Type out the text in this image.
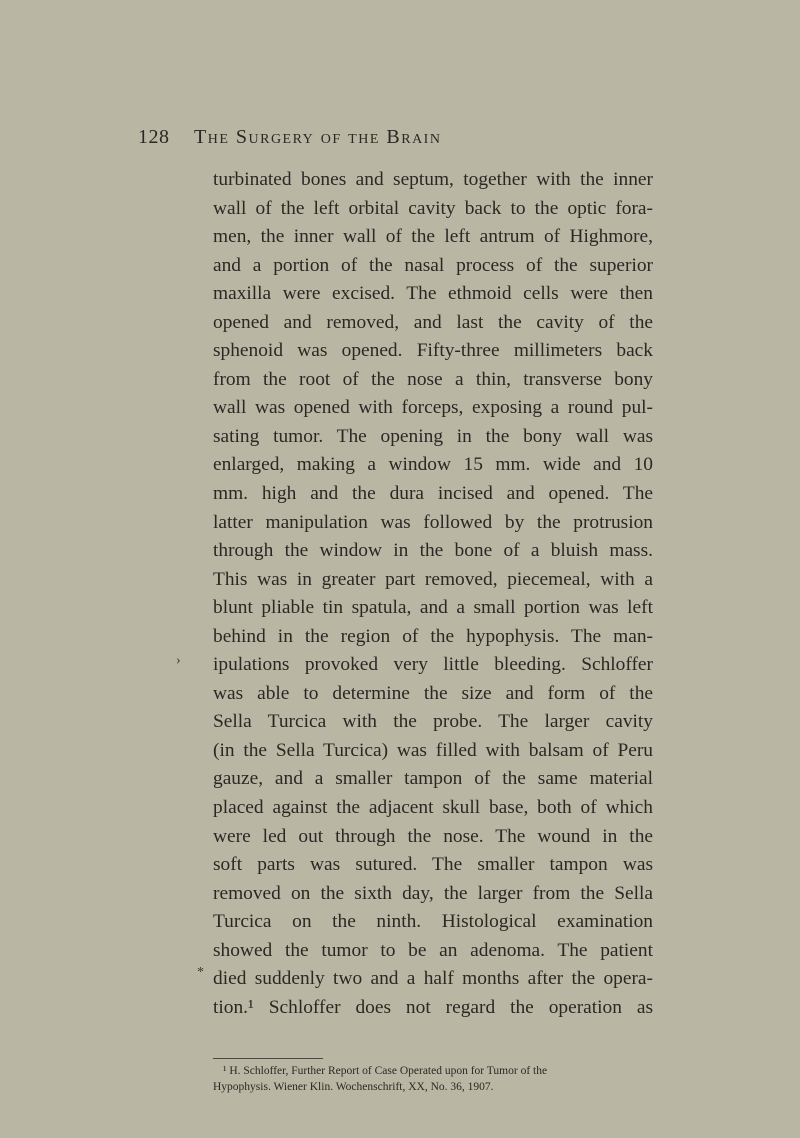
128 The Surgery of the Brain
turbinated bones and septum, together with the inner
wall of the left orbital cavity back to the optic fora-
men, the inner wall of the left antrum of Highmore,
and a portion of the nasal process of the superior
maxilla were excised. The ethmoid cells were then
opened and removed, and last the cavity of the
sphenoid was opened. Fifty-three millimeters back
from the root of the nose a thin, transverse bony
wall was opened with forceps, exposing a round pul-
sating tumor. The opening in the bony wall was
enlarged, making a window 15 mm. wide and 10
mm. high and the dura incised and opened. The
latter manipulation was followed by the protrusion
through the window in the bone of a bluish mass.
This was in greater part removed, piecemeal, with a
blunt pliable tin spatula, and a small portion was left
behind in the region of the hypophysis. The man-
ipulations provoked very little bleeding. Schloffer
was able to determine the size and form of the
Sella Turcica with the probe. The larger cavity
(in the Sella Turcica) was filled with balsam of Peru
gauze, and a smaller tampon of the same material
placed against the adjacent skull base, both of which
were led out through the nose. The wound in the
soft parts was sutured. The smaller tampon was
removed on the sixth day, the larger from the Sella
Turcica on the ninth. Histological examination
showed the tumor to be an adenoma. The patient
died suddenly two and a half months after the opera-
tion.¹ Schloffer does not regard the operation as
›
*
¹ H. Schloffer, Further Report of Case Operated upon for Tumor of the
Hypophysis. Wiener Klin. Wochenschrift, XX, No. 36, 1907.
